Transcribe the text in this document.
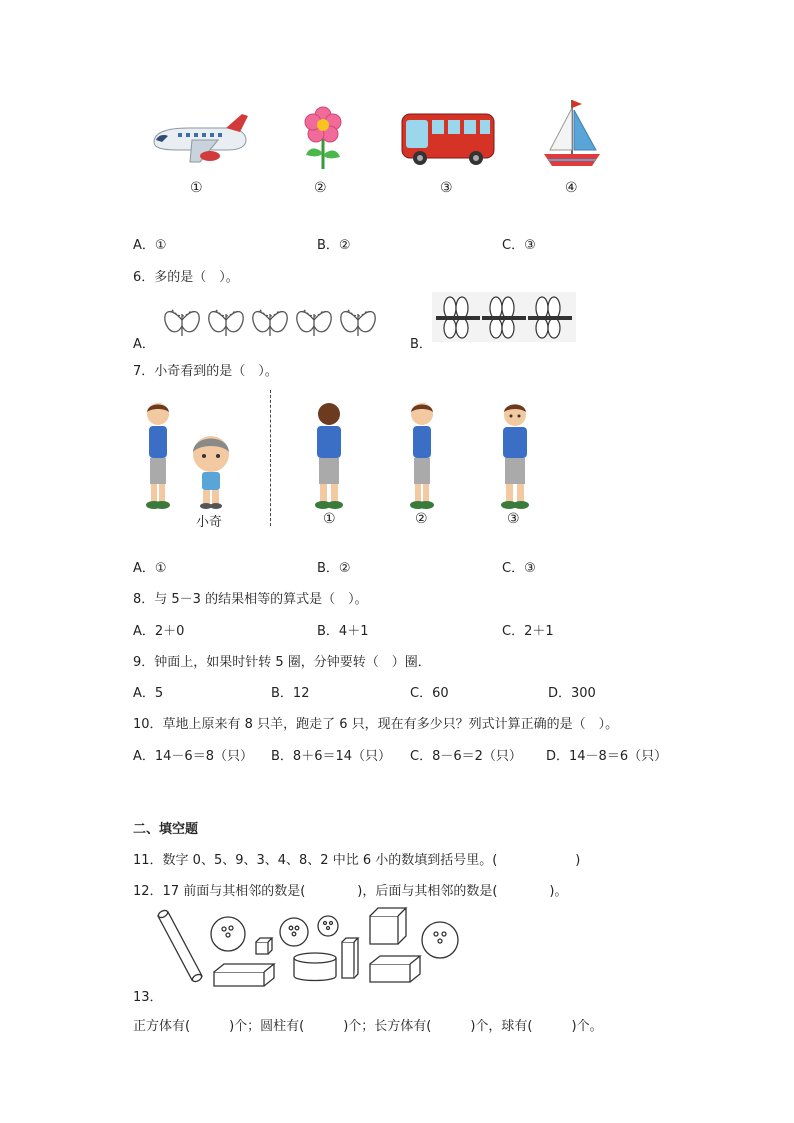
①	②	③	④
A．①	B．②	C．③
6．多的是（　）。
A．	B．
7．小奇看到的是（　）。
小奇	①	②	③
A．①	B．②	C．③
8．与 5－3 的结果相等的算式是（　）。
A．2＋0	B．4＋1	C．2＋1
9．钟面上，如果时针转 5 圈，分钟要转（　）圈．
A．5	B．12	C．60	D．300
10．草地上原来有 8 只羊，跑走了 6 只，现在有多少只？列式计算正确的是（　）。
A．14－6＝8（只） B．8＋6＝14（只） C．8－6＝2（只） D．14－8＝6（只）
二、填空题
11．数字 0、5、9、3、4、8、2 中比 6 小的数填到括号里。(　　　　　　)
12．17 前面与其相邻的数是(　　　　)，后面与其相邻的数是(　　　　)。
13．
正方体有(　　　)个；圆柱有(　　　)个；长方体有(　　　)个，球有(　　　)个。
